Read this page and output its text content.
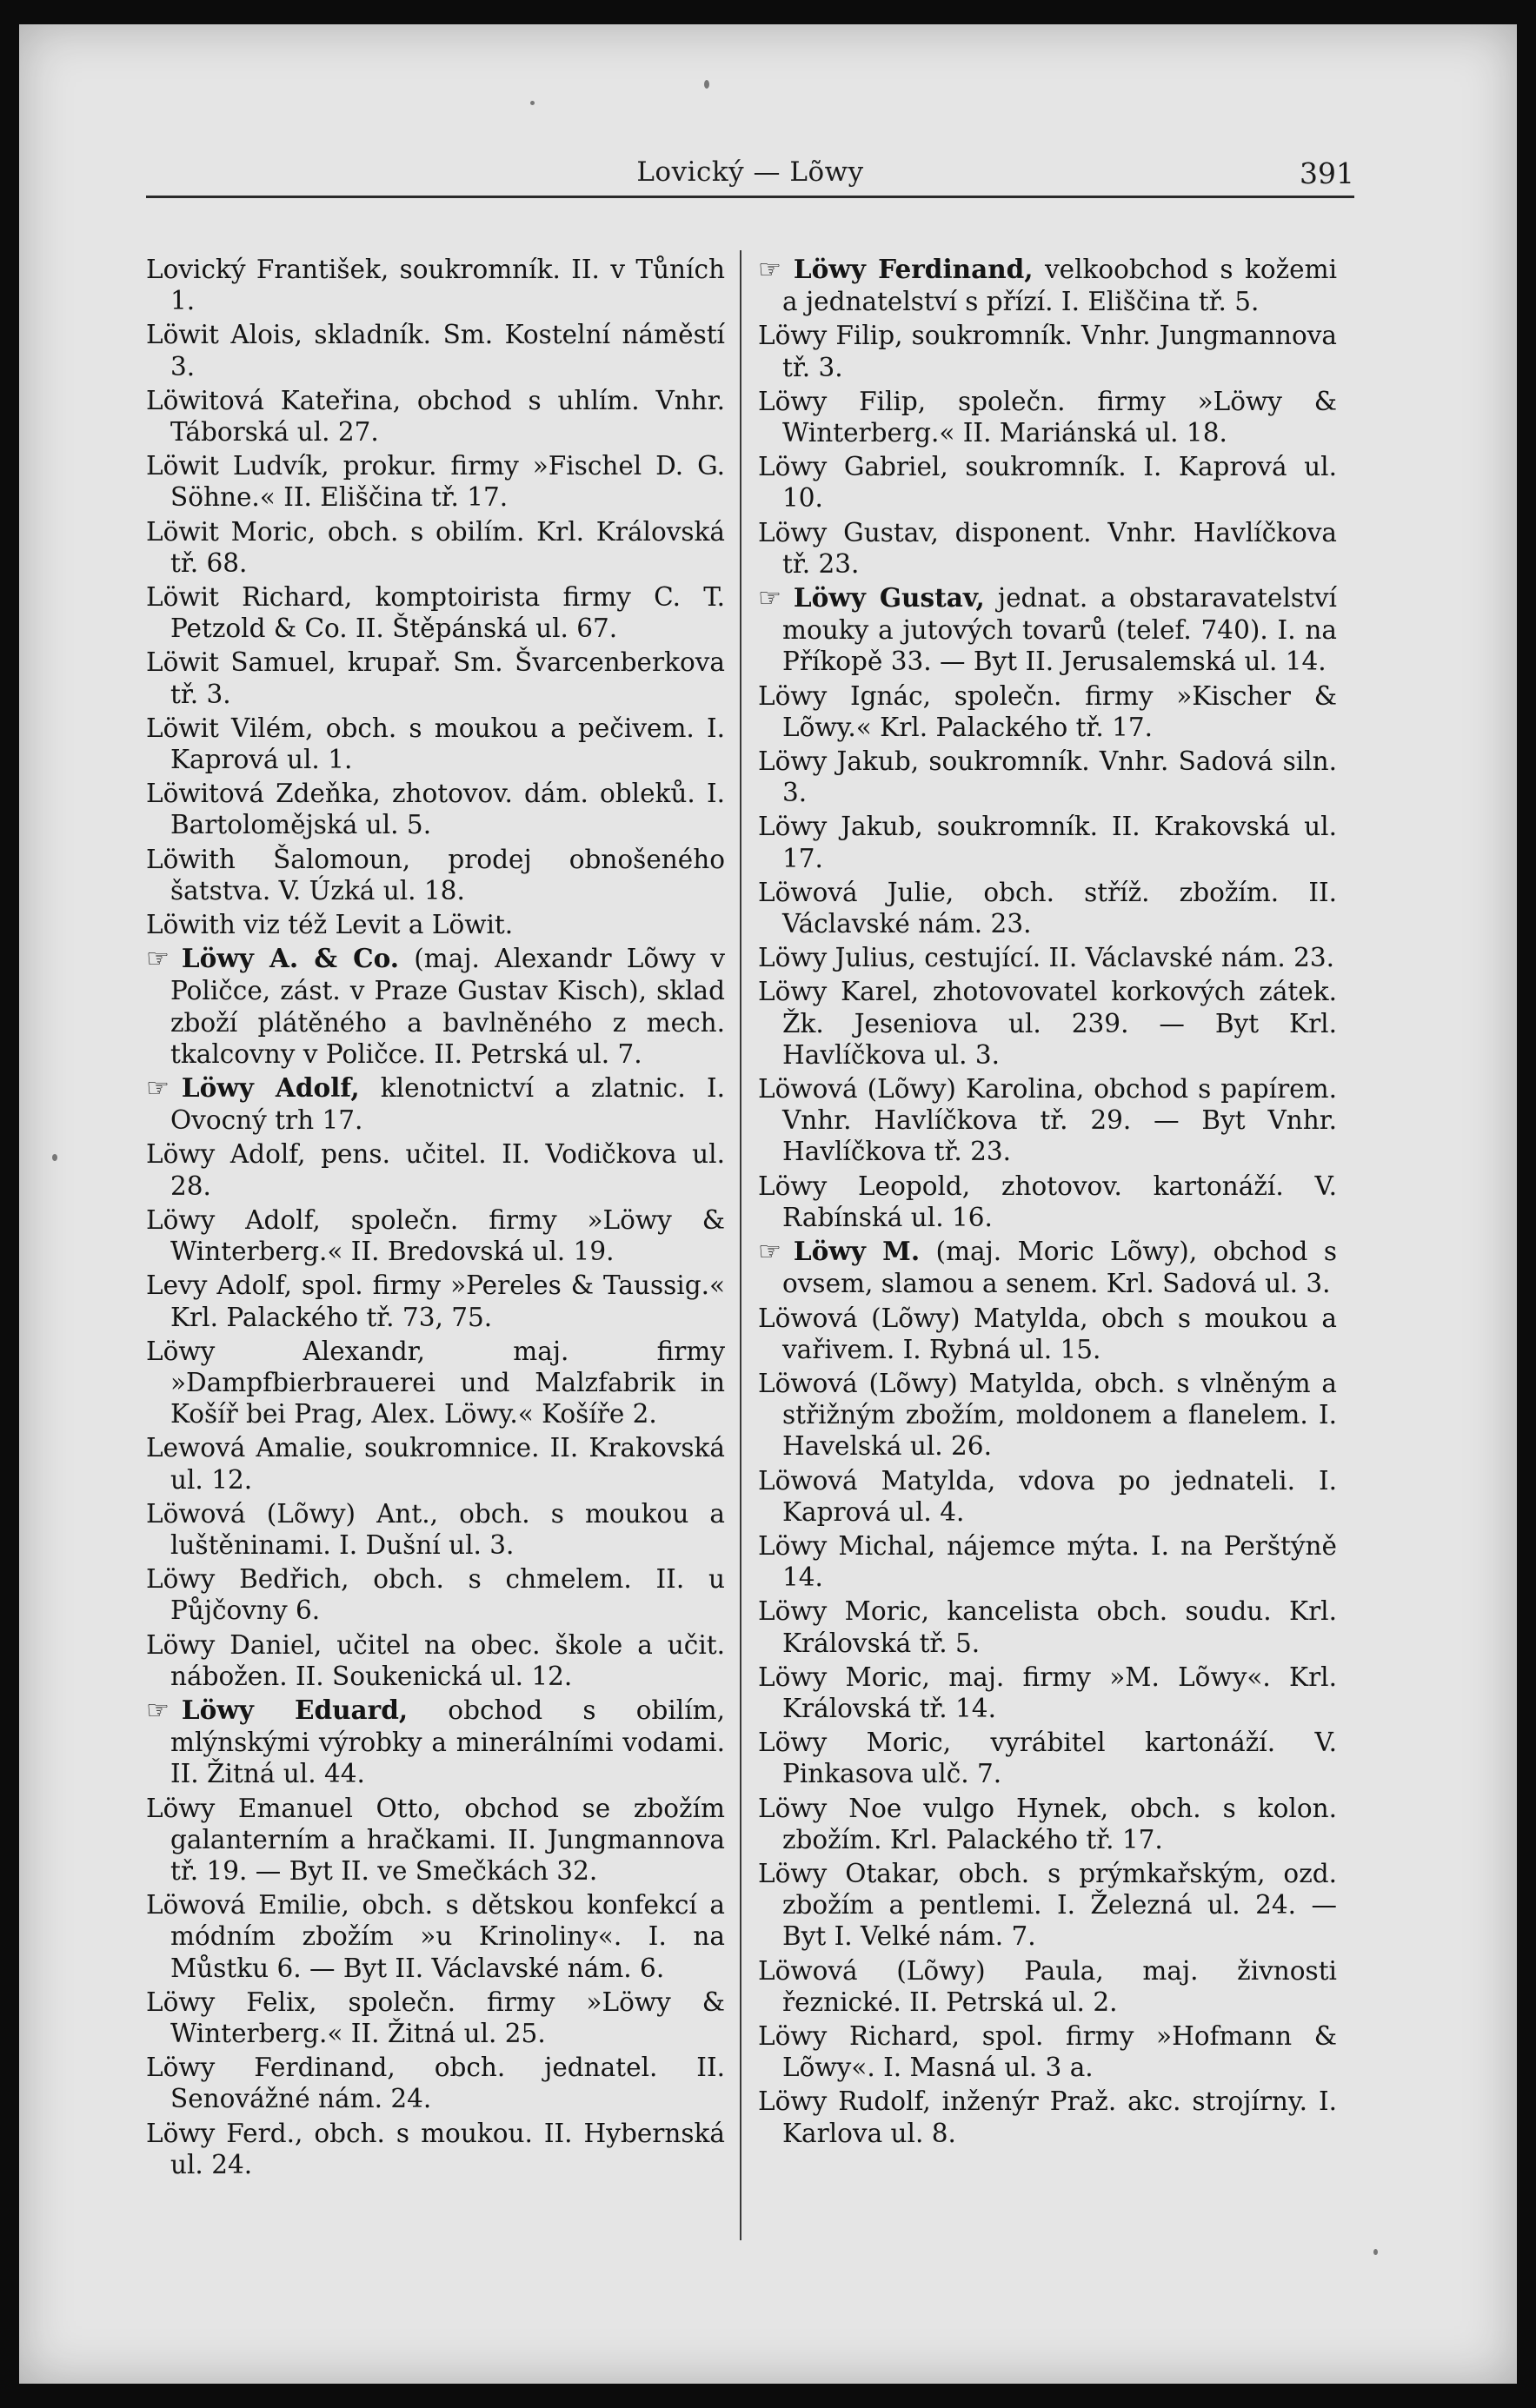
Lovický — Lõwy	391
Lovický František, soukromník. II. v Tůních 1.
Löwit Alois, skladník. Sm. Kostelní náměstí 3.
Löwitová Kateřina, obchod s uhlím. Vnhr. Táborská ul. 27.
Löwit Ludvík, prokur. firmy »Fischel D. G. Söhne.« II. Eliščina tř. 17.
Löwit Moric, obch. s obilím. Krl. Královská tř. 68.
Löwit Richard, komptoirista firmy C. T. Petzold & Co. II. Štěpánská ul. 67.
Löwit Samuel, krupař. Sm. Švarcenberkova tř. 3.
Löwit Vilém, obch. s moukou a pečivem. I. Kaprová ul. 1.
Löwitová Zdeňka, zhotovov. dám. obleků. I. Bartolomějská ul. 5.
Löwith Šalomoun, prodej obnošeného šatstva. V. Úzká ul. 18.
Löwith viz též Levit a Löwit.
☞ Löwy A. & Co. (maj. Alexandr Lõwy v Poličce, zást. v Praze Gustav Kisch), sklad zboží plátěného a bavlněného z mech. tkalcovny v Poličce. II. Petrská ul. 7.
☞ Löwy Adolf, klenotnictví a zlatnic. I. Ovocný trh 17.
Löwy Adolf, pens. učitel. II. Vodičkova ul. 28.
Löwy Adolf, společn. firmy »Löwy & Winterberg.« II. Bredovská ul. 19.
Levy Adolf, spol. firmy »Pereles & Taussig.« Krl. Palackého tř. 73, 75.
Löwy Alexandr, maj. firmy »Dampfbierbrauerei und Malzfabrik in Košíř bei Prag, Alex. Löwy.« Košíře 2.
Lewová Amalie, soukromnice. II. Krakovská ul. 12.
Löwová (Lõwy) Ant., obch. s moukou a luštěninami. I. Dušní ul. 3.
Löwy Bedřich, obch. s chmelem. II. u Půjčovny 6.
Löwy Daniel, učitel na obec. škole a učit. nábožen. II. Soukenická ul. 12.
☞ Löwy Eduard, obchod s obilím, mlýnskými výrobky a minerálními vodami. II. Žitná ul. 44.
Löwy Emanuel Otto, obchod se zbožím galanterním a hračkami. II. Jungmannova tř. 19. — Byt II. ve Smečkách 32.
Löwová Emilie, obch. s dětskou konfekcí a módním zbožím »u Krinoliny«. I. na Můstku 6. — Byt II. Václavské nám. 6.
Löwy Felix, společn. firmy »Löwy & Winterberg.« II. Žitná ul. 25.
Löwy Ferdinand, obch. jednatel. II. Senovážné nám. 24.
Löwy Ferd., obch. s moukou. II. Hybernská ul. 24.
☞ Löwy Ferdinand, velkoobchod s kožemi a jednatelství s přízí. I. Eliščina tř. 5.
Löwy Filip, soukromník. Vnhr. Jungmannova tř. 3.
Löwy Filip, společn. firmy »Löwy & Winterberg.« II. Mariánská ul. 18.
Löwy Gabriel, soukromník. I. Kaprová ul. 10.
Löwy Gustav, disponent. Vnhr. Havlíčkova tř. 23.
☞ Löwy Gustav, jednat. a obstaravatelství mouky a jutových tovarů (telef. 740). I. na Příkopě 33. — Byt II. Jerusalemská ul. 14.
Löwy Ignác, společn. firmy »Kischer & Lõwy.« Krl. Palackého tř. 17.
Löwy Jakub, soukromník. Vnhr. Sadová siln. 3.
Löwy Jakub, soukromník. II. Krakovská ul. 17.
Löwová Julie, obch. stříž. zbožím. II. Václavské nám. 23.
Löwy Julius, cestující. II. Václavské nám. 23.
Löwy Karel, zhotovovatel korkových zátek. Žk. Jeseniova ul. 239. — Byt Krl. Havlíčkova ul. 3.
Löwová (Lõwy) Karolina, obchod s papírem. Vnhr. Havlíčkova tř. 29. — Byt Vnhr. Havlíčkova tř. 23.
Löwy Leopold, zhotovov. kartonáží. V. Rabínská ul. 16.
☞ Löwy M. (maj. Moric Lõwy), obchod s ovsem, slamou a senem. Krl. Sadová ul. 3.
Löwová (Lõwy) Matylda, obch s moukou a vařivem. I. Rybná ul. 15.
Löwová (Lõwy) Matylda, obch. s vlněným a střižným zbožím, moldonem a flanelem. I. Havelská ul. 26.
Löwová Matylda, vdova po jednateli. I. Kaprová ul. 4.
Löwy Michal, nájemce mýta. I. na Perštýně 14.
Löwy Moric, kancelista obch. soudu. Krl. Královská tř. 5.
Löwy Moric, maj. firmy »M. Lõwy«. Krl. Královská tř. 14.
Löwy Moric, vyrábitel kartonáží. V. Pinkasova ulč. 7.
Löwy Noe vulgo Hynek, obch. s kolon. zbožím. Krl. Palackého tř. 17.
Löwy Otakar, obch. s prýmkařským, ozd. zbožím a pentlemi. I. Železná ul. 24. — Byt I. Velké nám. 7.
Löwová (Lõwy) Paula, maj. živnosti řeznické. II. Petrská ul. 2.
Löwy Richard, spol. firmy »Hofmann & Lõwy«. I. Masná ul. 3 a.
Löwy Rudolf, inženýr Praž. akc. strojírny. I. Karlova ul. 8.
